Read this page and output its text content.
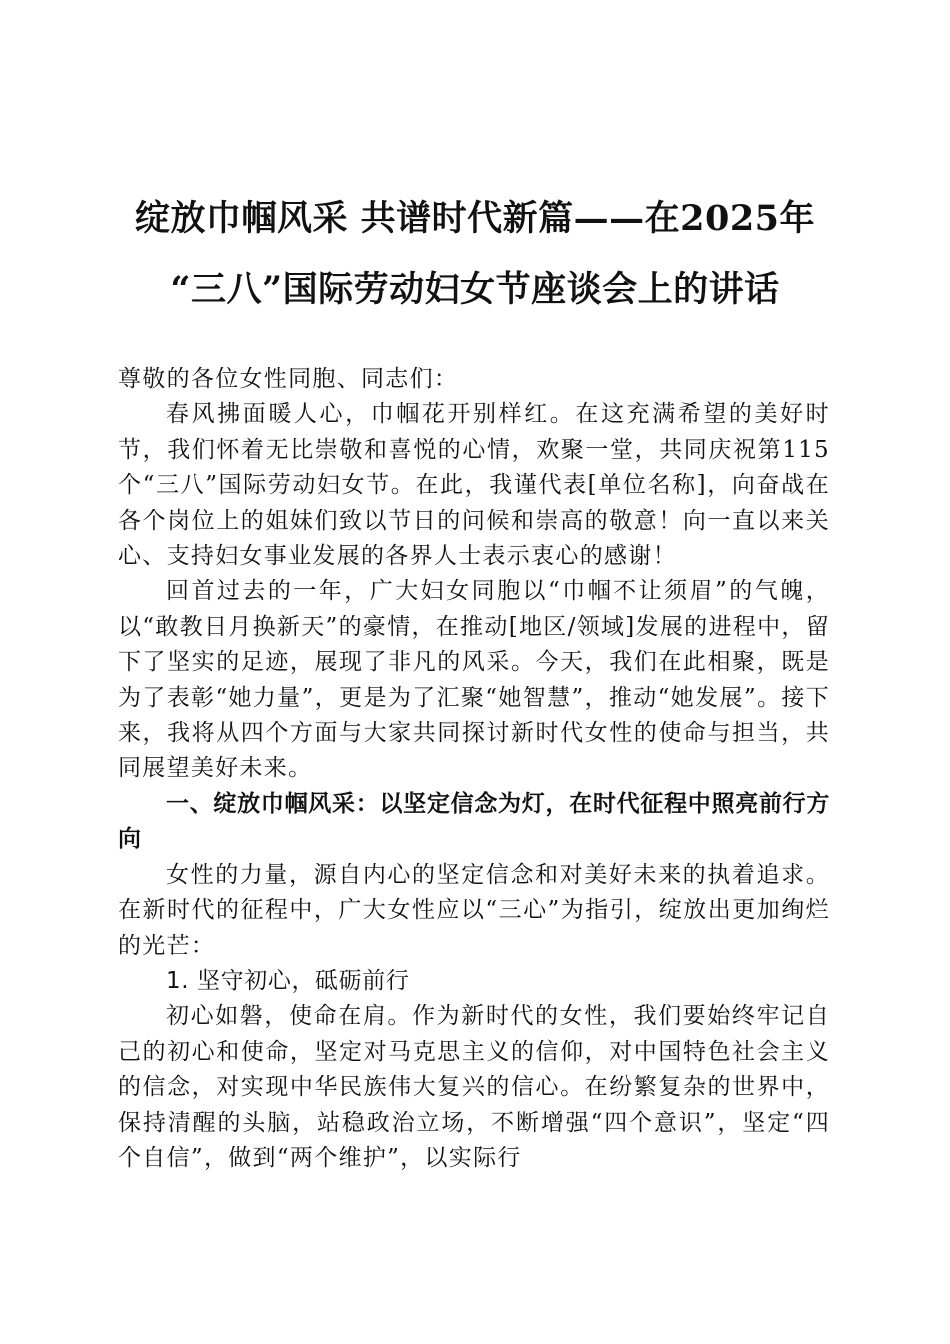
绽放巾帼风采 共谱时代新篇——在2025年
“三八”国际劳动妇女节座谈会上的讲话

尊敬的各位女性同胞、同志们：

春风拂面暖人心，巾帼花开别样红。在这充满希望的美好时节，我们怀着无比崇敬和喜悦的心情，欢聚一堂，共同庆祝第115个“三八”国际劳动妇女节。在此，我谨代表[单位名称]，向奋战在各个岗位上的姐妹们致以节日的问候和崇高的敬意！向一直以来关心、支持妇女事业发展的各界人士表示衷心的感谢！

回首过去的一年，广大妇女同胞以“巾帼不让须眉”的气魄，以“敢教日月换新天”的豪情，在推动[地区/领域]发展的进程中，留下了坚实的足迹，展现了非凡的风采。今天，我们在此相聚，既是为了表彰“她力量”，更是为了汇聚“她智慧”，推动“她发展”。接下来，我将从四个方面与大家共同探讨新时代女性的使命与担当，共同展望美好未来。

一、绽放巾帼风采：以坚定信念为灯，在时代征程中照亮前行方向

女性的力量，源自内心的坚定信念和对美好未来的执着追求。在新时代的征程中，广大女性应以“三心”为指引，绽放出更加绚烂的光芒：

1. 坚守初心，砥砺前行

初心如磐，使命在肩。作为新时代的女性，我们要始终牢记自己的初心和使命，坚定对马克思主义的信仰，对中国特色社会主义的信念，对实现中华民族伟大复兴的信心。在纷繁复杂的世界中，保持清醒的头脑，站稳政治立场，不断增强“四个意识”，坚定“四个自信”，做到“两个维护”，以实际行
